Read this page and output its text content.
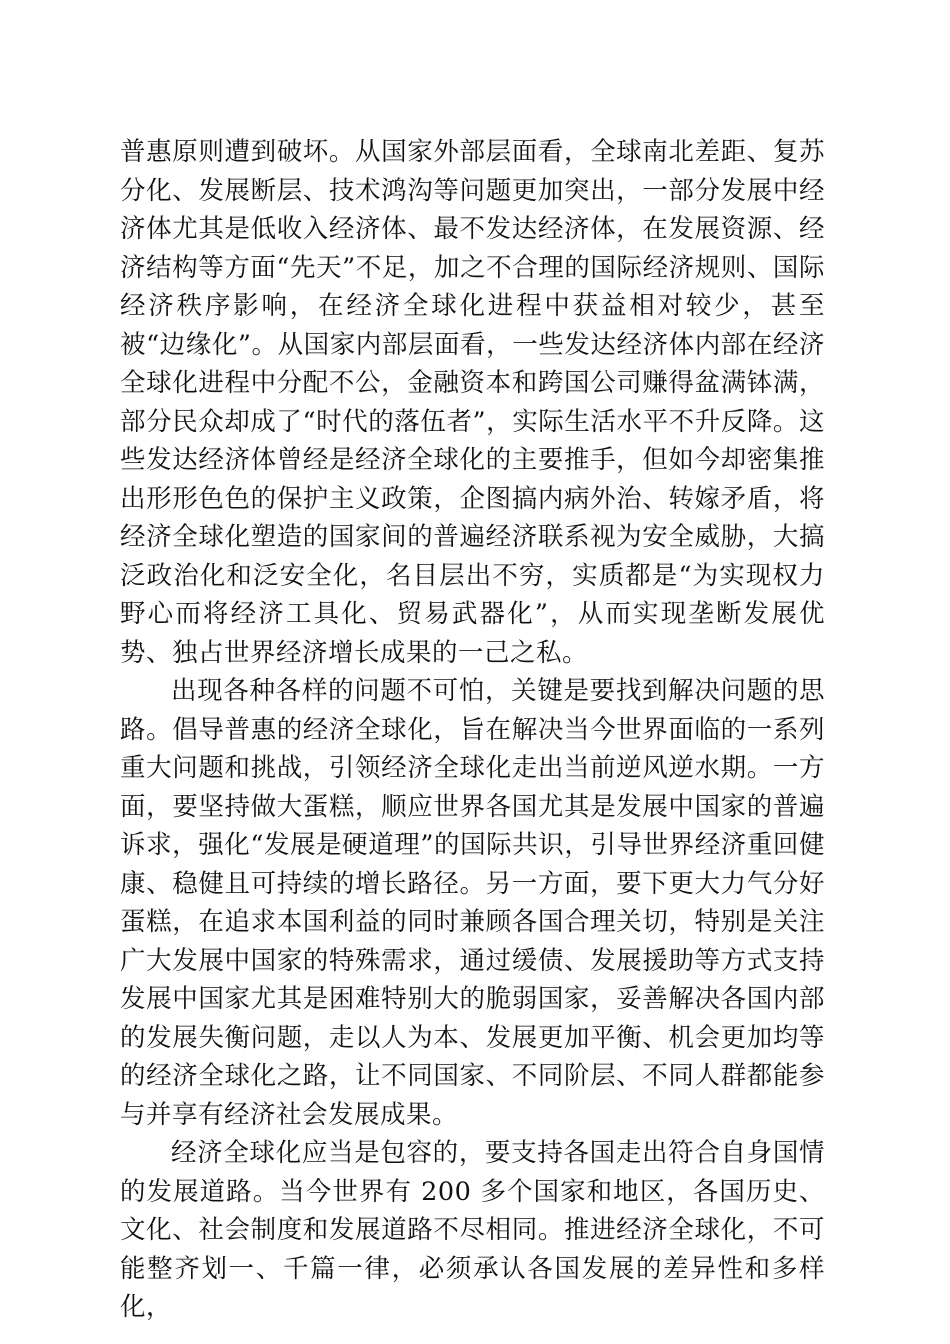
普惠原则遭到破坏。从国家外部层面看，全球南北差距、复苏分化、发展断层、技术鸿沟等问题更加突出，一部分发展中经济体尤其是低收入经济体、最不发达经济体，在发展资源、经济结构等方面“先天”不足，加之不合理的国际经济规则、国际经济秩序影响，在经济全球化进程中获益相对较少，甚至被“边缘化”。从国家内部层面看，一些发达经济体内部在经济全球化进程中分配不公，金融资本和跨国公司赚得盆满钵满，部分民众却成了“时代的落伍者”，实际生活水平不升反降。这些发达经济体曾经是经济全球化的主要推手，但如今却密集推出形形色色的保护主义政策，企图搞内病外治、转嫁矛盾，将经济全球化塑造的国家间的普遍经济联系视为安全威胁，大搞泛政治化和泛安全化，名目层出不穷，实质都是“为实现权力野心而将经济工具化、贸易武器化”，从而实现垄断发展优势、独占世界经济增长成果的一己之私。

出现各种各样的问题不可怕，关键是要找到解决问题的思路。倡导普惠的经济全球化，旨在解决当今世界面临的一系列重大问题和挑战，引领经济全球化走出当前逆风逆水期。一方面，要坚持做大蛋糕，顺应世界各国尤其是发展中国家的普遍诉求，强化“发展是硬道理”的国际共识，引导世界经济重回健康、稳健且可持续的增长路径。另一方面，要下更大力气分好蛋糕，在追求本国利益的同时兼顾各国合理关切，特别是关注广大发展中国家的特殊需求，通过缓债、发展援助等方式支持发展中国家尤其是困难特别大的脆弱国家，妥善解决各国内部的发展失衡问题，走以人为本、发展更加平衡、机会更加均等的经济全球化之路，让不同国家、不同阶层、不同人群都能参与并享有经济社会发展成果。

经济全球化应当是包容的，要支持各国走出符合自身国情的发展道路。当今世界有 200 多个国家和地区，各国历史、文化、社会制度和发展道路不尽相同。推进经济全球化，不可能整齐划一、千篇一律，必须承认各国发展的差异性和多样化，
